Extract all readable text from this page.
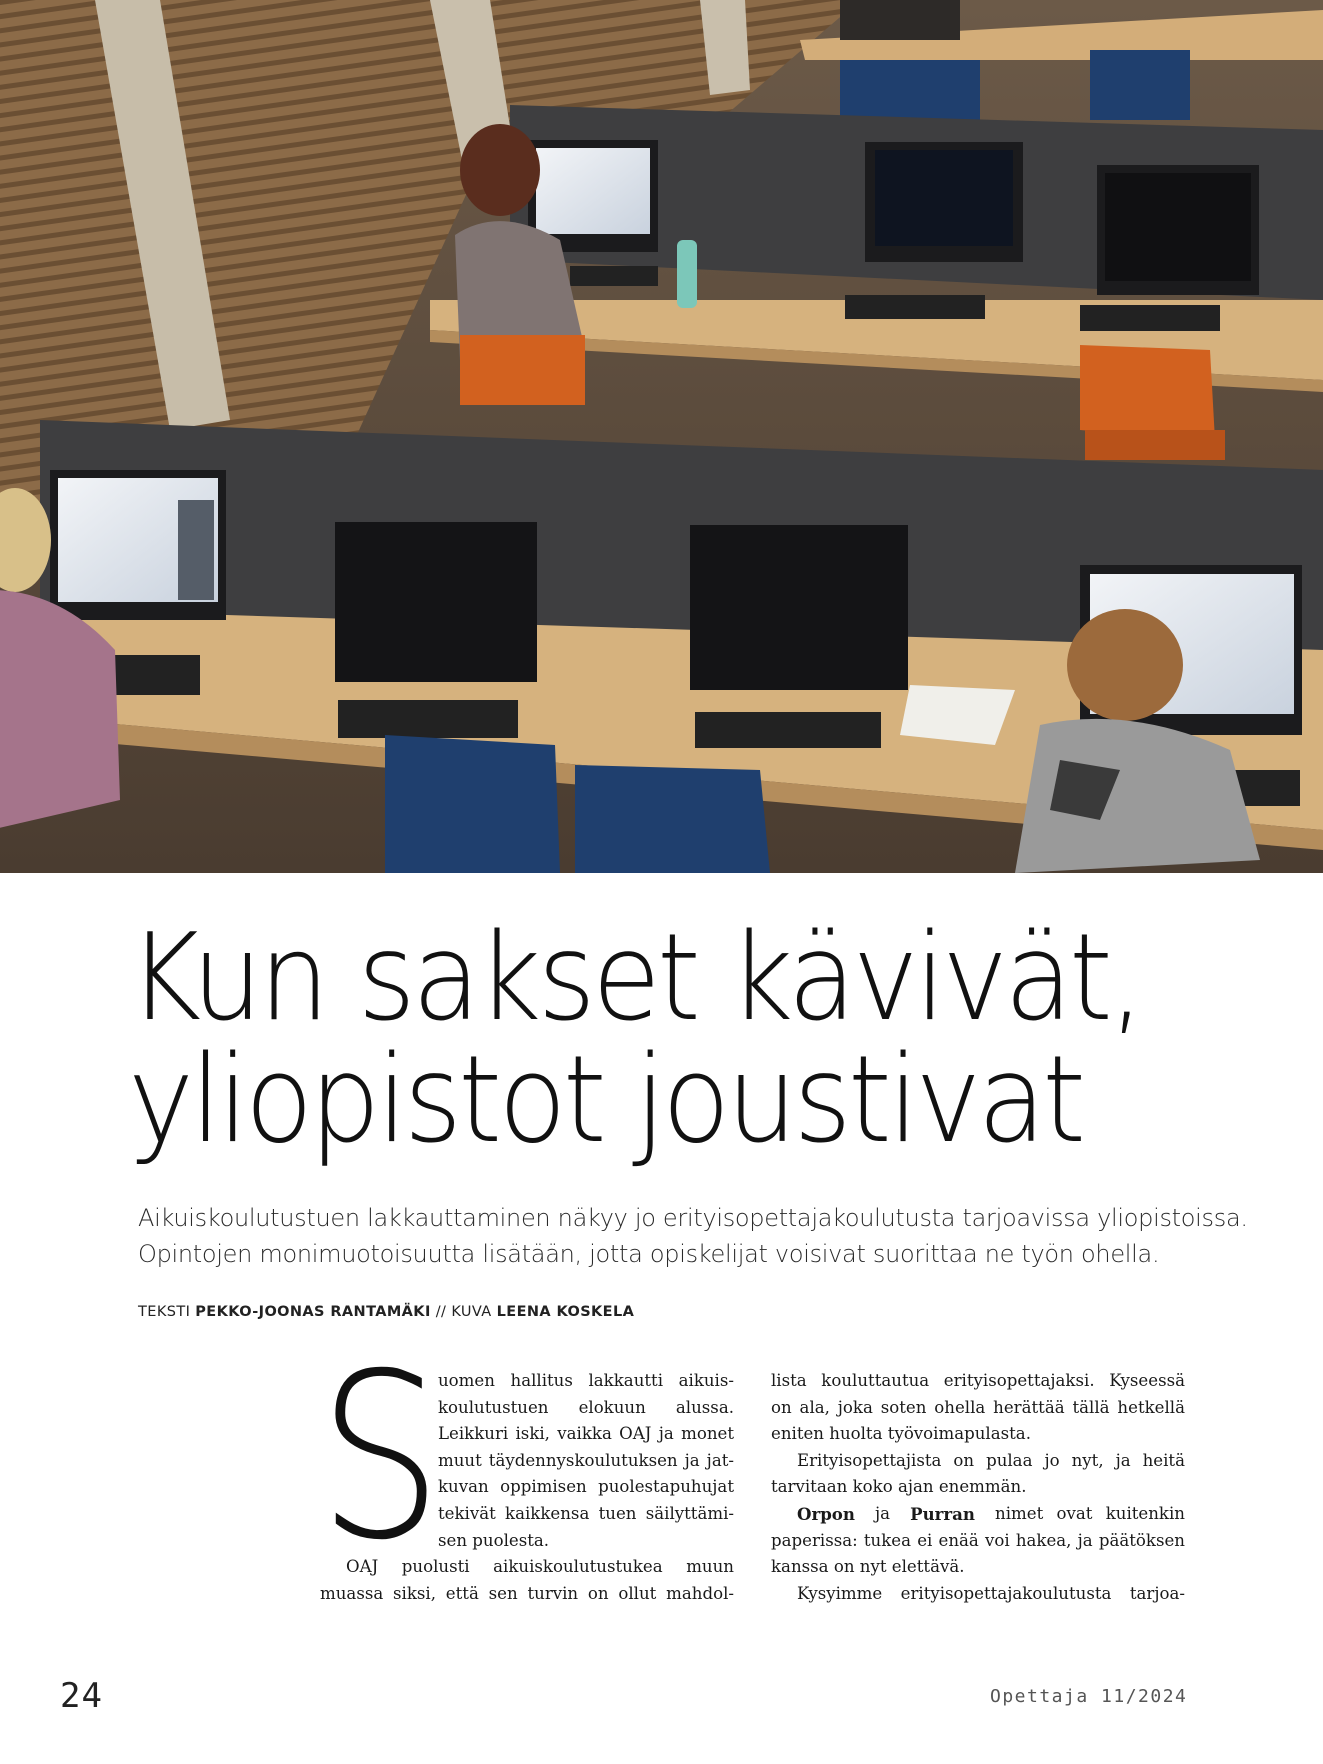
Kun sakset kävivät,
yliopistot joustivat

Aikuiskoulutustuen lakkauttaminen näkyy jo erityisopettajakoulutusta tarjoavissa yliopistoissa.
Opintojen monimuotoisuutta lisätään, jotta opiskelijat voisivat suorittaa ne työn ohella.

TEKSTI PEKKO-JOONAS RANTAMÄKI // KUVA LEENA KOSKELA
S

uomen hallitus lakkautti aikuis-
koulutustuen elokuun alussa.
Leikkuri iski, vaikka OAJ ja monet
muut täydennyskoulutuksen ja jat-
kuvan oppimisen puolestapuhujat
tekivät kaikkensa tuen säilyttämi-
sen puolesta.

OAJ puolusti aikuiskoulutustukea muun
muassa siksi, että sen turvin on ollut mahdol-

lista kouluttautua erityisopettajaksi. Kyseessä
on ala, joka soten ohella herättää tällä hetkellä
eniten huolta työvoimapulasta.

Erityisopettajista on pulaa jo nyt, ja heitä
tarvitaan koko ajan enemmän.

Orpon ja Purran nimet ovat kuitenkin
paperissa: tukea ei enää voi hakea, ja päätöksen
kanssa on nyt elettävä.

Kysyimme erityisopettajakoulutusta tarjoa-

24	Opettaja 11/2024
